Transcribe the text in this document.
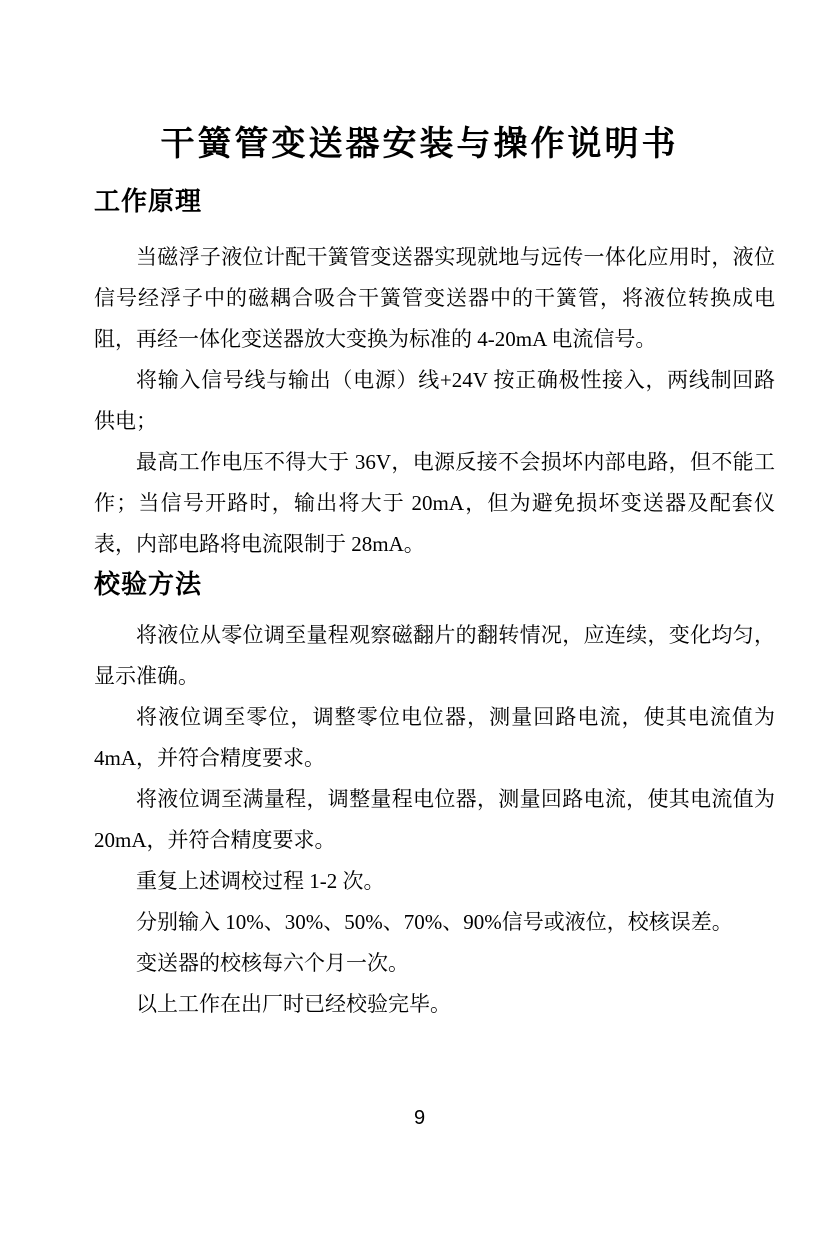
干簧管变送器安装与操作说明书
工作原理

当磁浮子液位计配干簧管变送器实现就地与远传一体化应用时，液位信号经浮子中的磁耦合吸合干簧管变送器中的干簧管，将液位转换成电阻，再经一体化变送器放大变换为标准的 4-20mA 电流信号。

将输入信号线与输出（电源）线+24V 按正确极性接入，两线制回路供电；

最高工作电压不得大于 36V，电源反接不会损坏内部电路，但不能工作；当信号开路时，输出将大于 20mA，但为避免损坏变送器及配套仪表，内部电路将电流限制于 28mA。

校验方法

将液位从零位调至量程观察磁翻片的翻转情况，应连续，变化均匀，显示准确。

将液位调至零位，调整零位电位器，测量回路电流，使其电流值为 4mA，并符合精度要求。

将液位调至满量程，调整量程电位器，测量回路电流，使其电流值为 20mA，并符合精度要求。

重复上述调校过程 1-2 次。

分别输入 10%、30%、50%、70%、90%信号或液位，校核误差。

变送器的校核每六个月一次。

以上工作在出厂时已经校验完毕。

9
